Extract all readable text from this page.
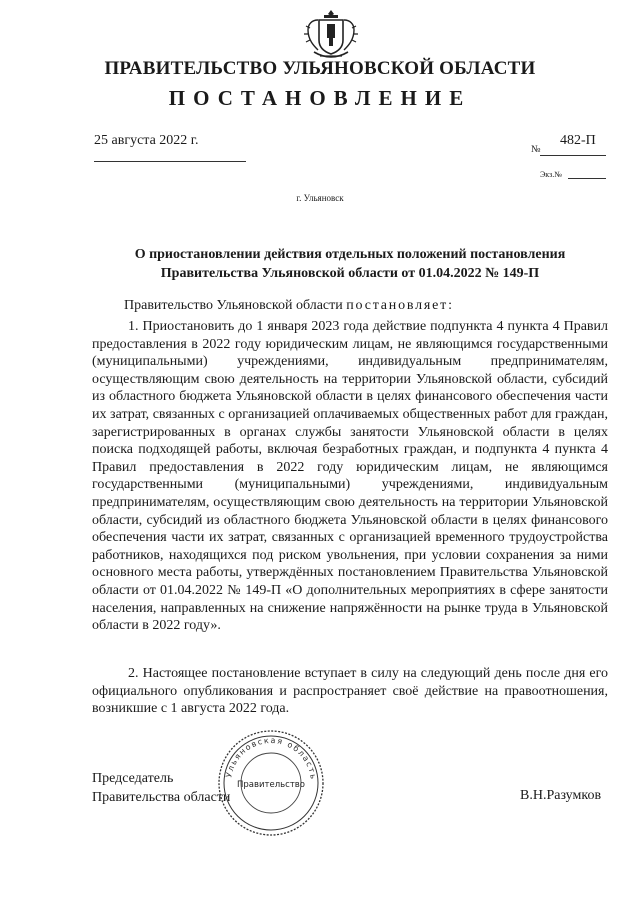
ПРАВИТЕЛЬСТВО УЛЬЯНОВСКОЙ ОБЛАСТИ
ПОСТАНОВЛЕНИЕ
25 августа 2022 г.
№
482-П
Экз.№
г. Ульяновск
О приостановлении действия отдельных положений постановления
Правительства Ульяновской области от 01.04.2022 № 149-П
Правительство Ульяновской области постановляет:
1. Приостановить до 1 января 2023 года действие подпункта 4 пункта 4 Правил предоставления в 2022 году юридическим лицам, не являющимся государственными (муниципальными) учреждениями, индивидуальным предпринимателям, осуществляющим свою деятельность на территории Ульяновской области, субсидий из областного бюджета Ульяновской области в целях финансового обеспечения части их затрат, связанных с организацией оплачиваемых общественных работ для граждан, зарегистрированных в органах службы занятости Ульяновской области в целях поиска подходящей работы, включая безработных граждан, и подпункта 4 пункта 4 Правил предоставления в 2022 году юридическим лицам, не являющимся государственными (муниципальными) учреждениями, индивидуальным предпринимателям, осуществляющим свою деятельность на территории Ульяновской области, субсидий из областного бюджета Ульяновской области в целях финансового обеспечения части их затрат, связанных с организацией временного трудоустройства работников, находящихся под риском увольнения, при условии сохранения за ними основного места работы, утверждённых постановлением Правительства Ульяновской области от 01.04.2022 № 149-П «О дополнительных мероприятиях в сфере занятости населения, направленных на снижение напряжённости на рынке труда в Ульяновской области в 2022 году».
2. Настоящее постановление вступает в силу на следующий день после дня его официального опубликования и распространяет своё действие на правоотношения, возникшие с 1 августа 2022 года.
Председатель
Правительства области	В.Н.Разумков
Ульяновская область
Правительство
